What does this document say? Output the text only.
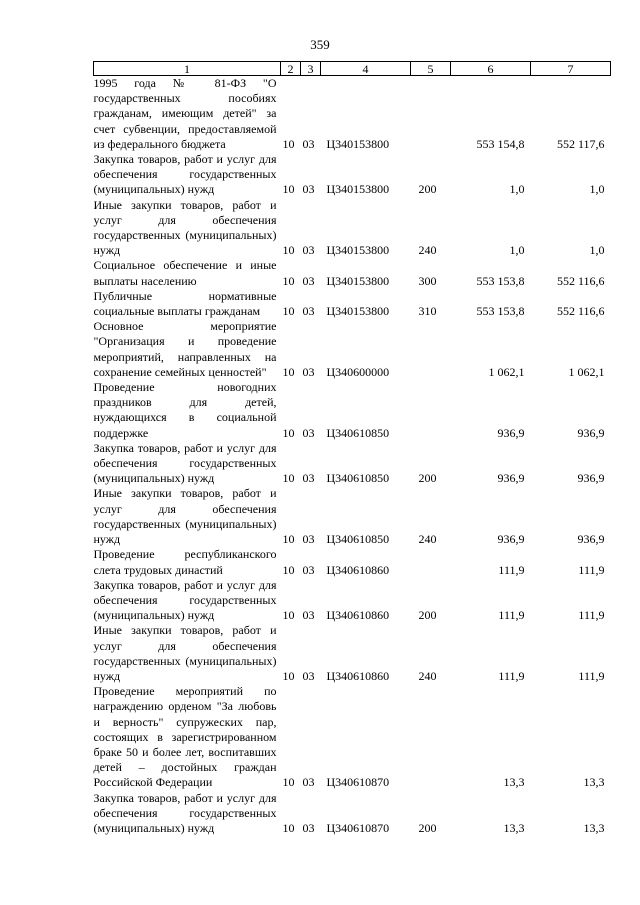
359
1	2	3	4	5	6	7
1995 года № 81-ФЗ "О государственных пособиях гражданам, имеющим детей" за счет субвенции, предоставляемой из федерального бюджета	10	03	Ц340153800		553 154,8	552 117,6
Закупка товаров, работ и услуг для обеспечения государственных (муниципальных) нужд	10	03	Ц340153800	200	1,0	1,0
Иные закупки товаров, работ и услуг для обеспечения государственных (муниципальных) нужд	10	03	Ц340153800	240	1,0	1,0
Социальное обеспечение и иные выплаты населению	10	03	Ц340153800	300	553 153,8	552 116,6
Публичные нормативные социальные выплаты гражданам	10	03	Ц340153800	310	553 153,8	552 116,6
Основное мероприятие "Организация и проведение мероприятий, направленных на сохранение семейных ценностей"	10	03	Ц340600000		1 062,1	1 062,1
Проведение новогодних праздников для детей, нуждающихся в социальной поддержке	10	03	Ц340610850		936,9	936,9
Закупка товаров, работ и услуг для обеспечения государственных (муниципальных) нужд	10	03	Ц340610850	200	936,9	936,9
Иные закупки товаров, работ и услуг для обеспечения государственных (муниципальных) нужд	10	03	Ц340610850	240	936,9	936,9
Проведение республиканского слета трудовых династий	10	03	Ц340610860		111,9	111,9
Закупка товаров, работ и услуг для обеспечения государственных (муниципальных) нужд	10	03	Ц340610860	200	111,9	111,9
Иные закупки товаров, работ и услуг для обеспечения государственных (муниципальных) нужд	10	03	Ц340610860	240	111,9	111,9
Проведение мероприятий по награждению орденом "За любовь и верность" супружеских пар, состоящих в зарегистрированном браке 50 и более лет, воспитавших детей – достойных граждан Российской Федерации	10	03	Ц340610870		13,3	13,3
Закупка товаров, работ и услуг для обеспечения государственных (муниципальных) нужд	10	03	Ц340610870	200	13,3	13,3
